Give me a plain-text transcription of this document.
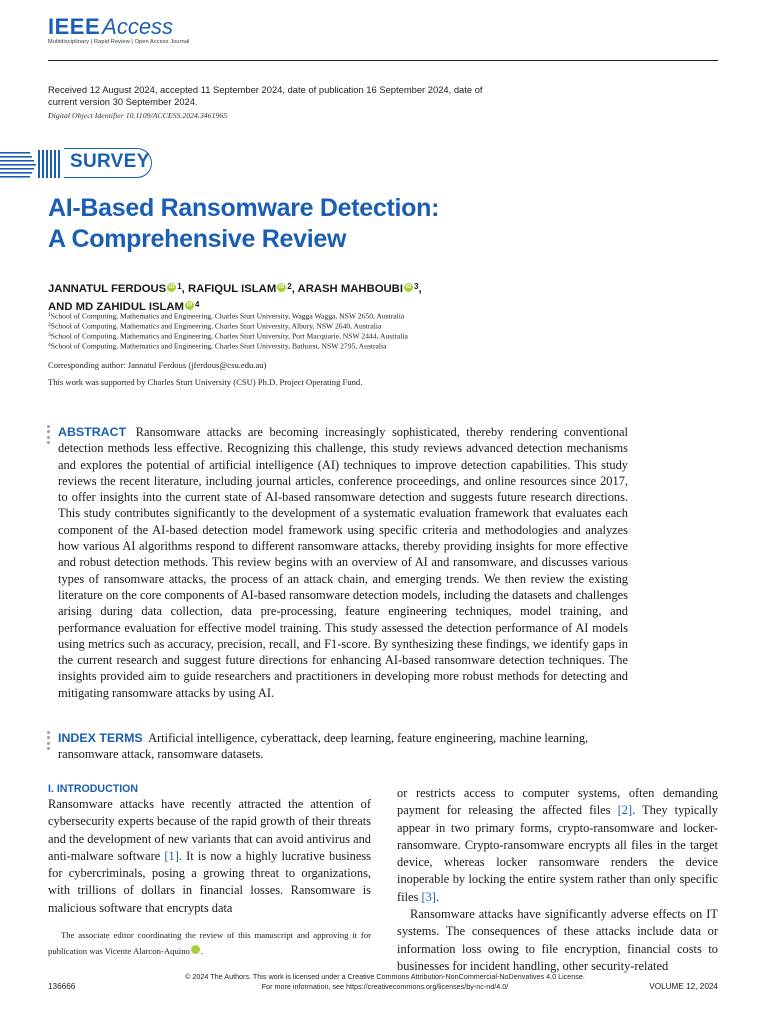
IEEEAccess
Multidisciplinary | Rapid Review | Open Access Journal
Received 12 August 2024, accepted 11 September 2024, date of publication 16 September 2024, date of current version 30 September 2024.
Digital Object Identifier 10.1109/ACCESS.2024.3461965
SURVEY
AI-Based Ransomware Detection:
A Comprehensive Review
JANNATUL FERDOUS iD $^1$, RAFIQUL ISLAM iD $^2$, ARASH MAHBOUBI iD $^3$,
AND MD ZAHIDUL ISLAM iD $^4$
$^1$School of Computing, Mathematics and Engineering, Charles Sturt University, Wagga Wagga, NSW 2650, Australia
$^2$School of Computing, Mathematics and Engineering, Charles Sturt University, Albury, NSW 2640, Australia
$^3$School of Computing, Mathematics and Engineering, Charles Sturt University, Port Macquarie, NSW 2444, Australia
$^4$School of Computing, Mathematics and Engineering, Charles Sturt University, Bathurst, NSW 2795, Australia
Corresponding author: Jannatul Ferdous (jferdous@csu.edu.au)
This work was supported by Charles Sturt University (CSU) Ph.D. Project Operating Fund.
ABSTRACT Ransomware attacks are becoming increasingly sophisticated, thereby rendering conventional detection methods less effective. Recognizing this challenge, this study reviews advanced detection mechanisms and explores the potential of artificial intelligence (AI) techniques to improve detection capabilities. This study reviews the recent literature, including journal articles, conference proceedings, and online resources since 2017, to offer insights into the current state of AI-based ransomware detection and suggests future research directions. This study contributes significantly to the development of a systematic evaluation framework that evaluates each component of the AI-based detection model framework using specific criteria and methodologies and analyzes how various AI algorithms respond to different ransomware attacks, thereby providing insights for more effective and robust detection methods. This review begins with an overview of AI and ransomware, and discusses various types of ransomware attacks, the process of an attack chain, and emerging trends. We then review the existing literature on the core components of AI-based ransomware detection models, including the datasets and challenges arising during data collection, data pre-processing, feature engineering techniques, model training, and performance evaluation for effective model training. This study assessed the detection performance of AI models using metrics such as accuracy, precision, recall, and F1-score. By synthesizing these findings, we identify gaps in the current research and suggest future directions for enhancing AI-based ransomware detection techniques. The insights provided aim to guide researchers and practitioners in developing more robust methods for detecting and mitigating ransomware attacks by using AI.
INDEX TERMS Artificial intelligence, cyberattack, deep learning, feature engineering, machine learning, ransomware attack, ransomware datasets.
I. INTRODUCTION
Ransomware attacks have recently attracted the attention of cybersecurity experts because of the rapid growth of their threats and the development of new variants that can avoid antivirus and anti-malware software [1]. It is now a highly lucrative business for cybercriminals, posing a growing threat to organizations, with trillions of dollars in financial losses. Ransomware is malicious software that encrypts data
The associate editor coordinating the review of this manuscript and approving it for publication was Vicente Alarcon-Aquino	iD.
or restricts access to computer systems, often demanding payment for releasing the affected files [2]. They typically appear in two primary forms, crypto-ransomware and locker-ransomware. Crypto-ransomware encrypts all files in the target device, whereas locker ransomware renders the device inoperable by locking the entire system rather than only specific files [3].
Ransomware attacks have significantly adverse effects on IT systems. The consequences of these attacks include data or information loss owing to file encryption, financial costs to businesses for incident handling, other security-related
136666
© 2024 The Authors. This work is licensed under a Creative Commons Attribution-NonCommercial-NoDerivatives 4.0 License.
For more information, see https://creativecommons.org/licenses/by-nc-nd/4.0/	VOLUME 12, 2024
